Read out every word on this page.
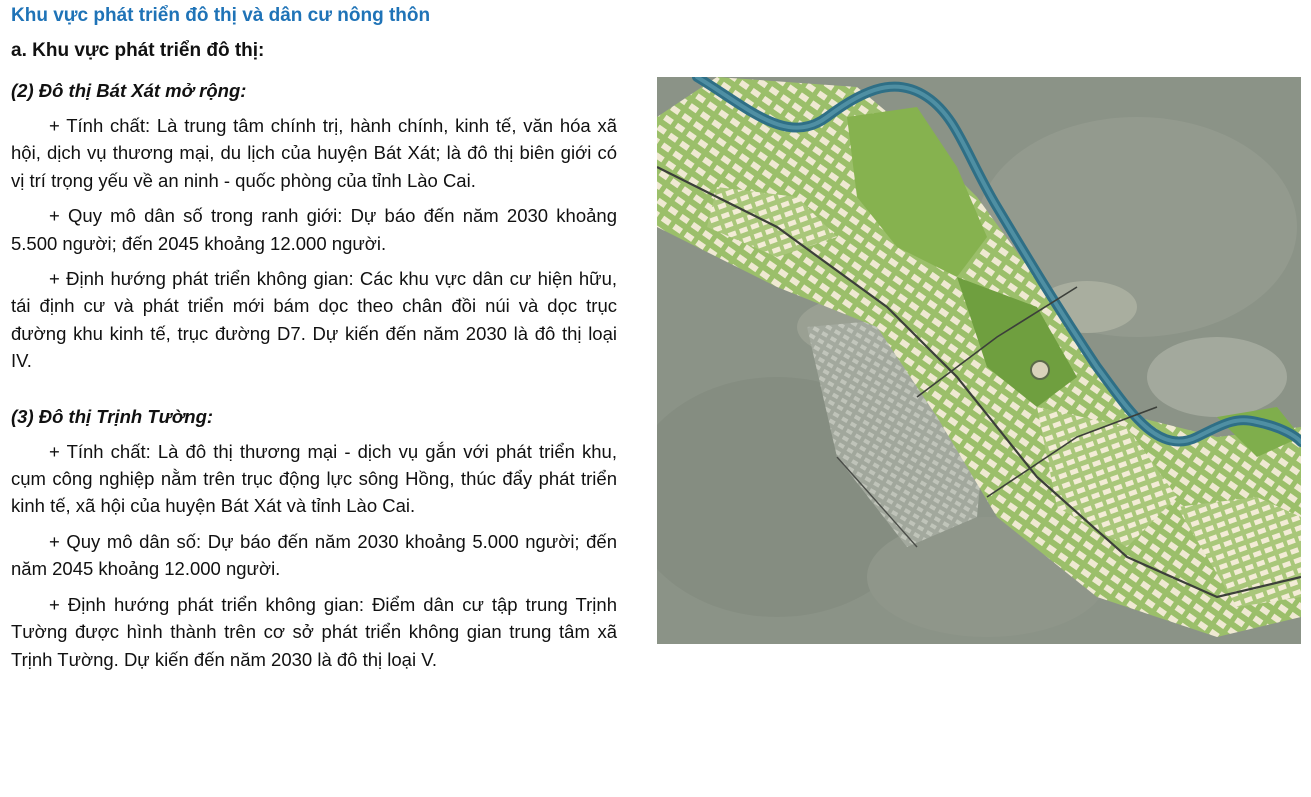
Khu vực phát triển đô thị và dân cư nông thôn
a. Khu vực phát triển đô thị:

(2) Đô thị Bát Xát mở rộng:

+ Tính chất: Là trung tâm chính trị, hành chính, kinh tế, văn hóa xã hội, dịch vụ thương mại, du lịch của huyện Bát Xát; là đô thị biên giới có vị trí trọng yếu về an ninh - quốc phòng của tỉnh Lào Cai.

+ Quy mô dân số trong ranh giới: Dự báo đến năm 2030 khoảng 5.500 người; đến 2045 khoảng 12.000 người.

+ Định hướng phát triển không gian: Các khu vực dân cư hiện hữu, tái định cư và phát triển mới bám dọc theo chân đồi núi và dọc trục đường khu kinh tế, trục đường D7. Dự kiến đến năm 2030 là đô thị loại IV.

(3) Đô thị Trịnh Tường:

+ Tính chất: Là đô thị thương mại - dịch vụ gắn với phát triển khu, cụm công nghiệp nằm trên trục động lực sông Hồng, thúc đẩy phát triển kinh tế, xã hội của huyện Bát Xát và tỉnh Lào Cai.

+ Quy mô dân số: Dự báo đến năm 2030 khoảng 5.000 người; đến năm 2045 khoảng 12.000 người.

+ Định hướng phát triển không gian: Điểm dân cư tập trung Trịnh Tường được hình thành trên cơ sở phát triển không gian trung tâm xã Trịnh Tường. Dự kiến đến năm 2030 là đô thị loại V.
